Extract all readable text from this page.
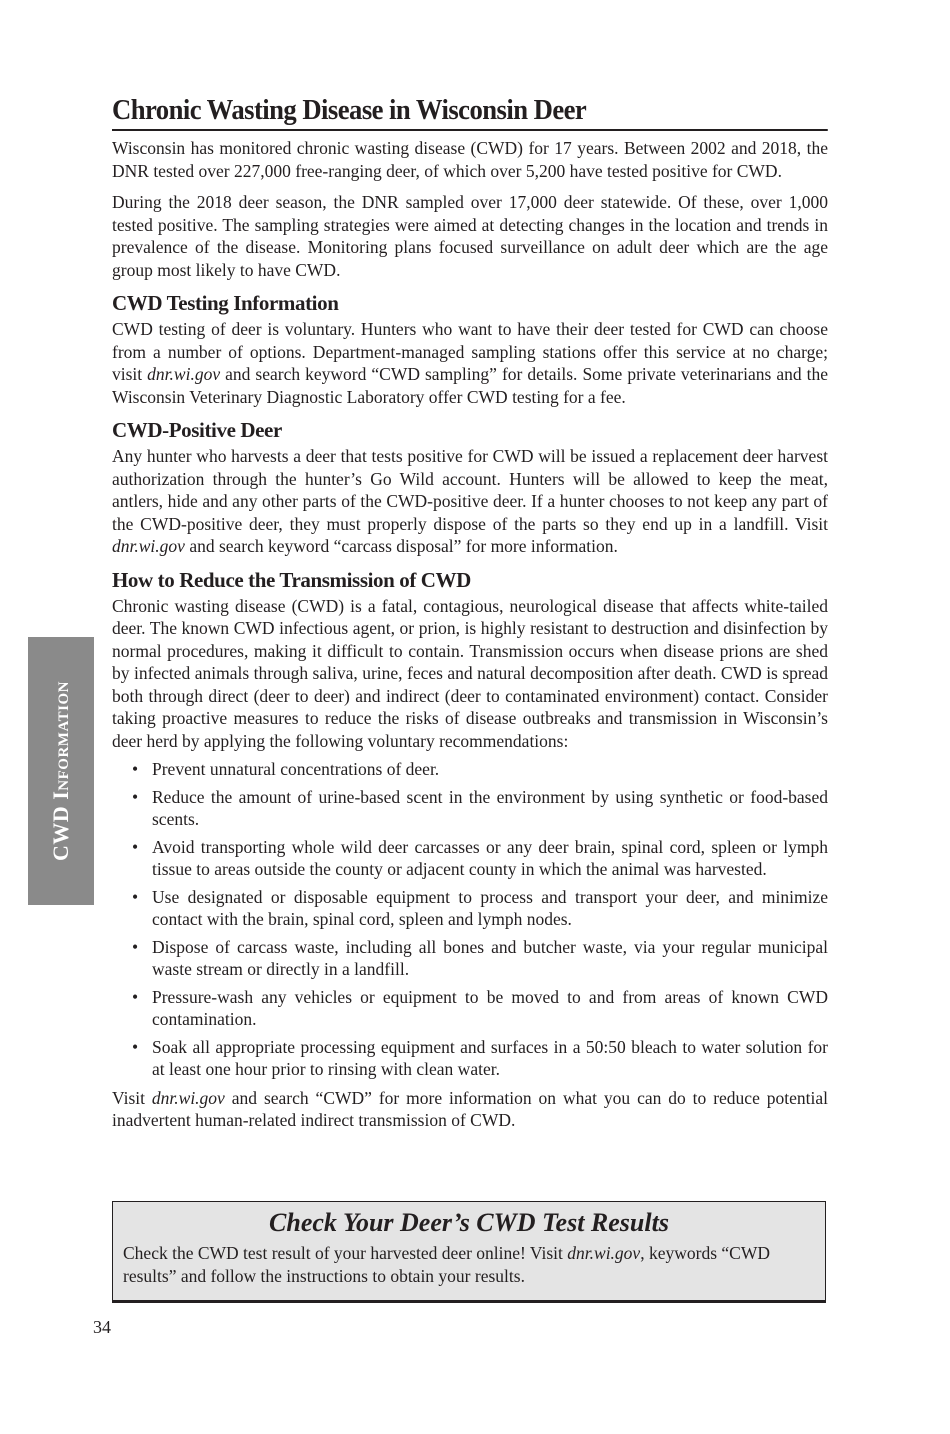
CWD Information
Chronic Wasting Disease in Wisconsin Deer

Wisconsin has monitored chronic wasting disease (CWD) for 17 years. Between 2002 and 2018, the DNR tested over 227,000 free-ranging deer, of which over 5,200 have tested positive for CWD.

During the 2018 deer season, the DNR sampled over 17,000 deer statewide. Of these, over 1,000 tested positive. The sampling strategies were aimed at detecting changes in the location and trends in prevalence of the disease. Monitoring plans focused surveillance on adult deer which are the age group most likely to have CWD.

CWD Testing Information

CWD testing of deer is voluntary. Hunters who want to have their deer tested for CWD can choose from a number of options. Department-managed sampling stations offer this service at no charge; visit dnr.wi.gov and search keyword “CWD sampling” for details. Some private veterinarians and the Wisconsin Veterinary Diagnostic Laboratory offer CWD testing for a fee.

CWD-Positive Deer

Any hunter who harvests a deer that tests positive for CWD will be issued a replacement deer harvest authorization through the hunter’s Go Wild account. Hunters will be allowed to keep the meat, antlers, hide and any other parts of the CWD-positive deer. If a hunter chooses to not keep any part of the CWD-positive deer, they must properly dispose of the parts so they end up in a landfill. Visit dnr.wi.gov and search keyword “carcass disposal” for more information.

How to Reduce the Transmission of CWD

Chronic wasting disease (CWD) is a fatal, contagious, neurological disease that affects white-tailed deer. The known CWD infectious agent, or prion, is highly resistant to destruction and disinfection by normal procedures, making it difficult to contain. Transmission occurs when disease prions are shed by infected animals through saliva, urine, feces and natural decomposition after death. CWD is spread both through direct (deer to deer) and indirect (deer to contaminated environment) contact. Consider taking proactive measures to reduce the risks of disease outbreaks and transmission in Wisconsin’s deer herd by applying the following voluntary recommendations:

• Prevent unnatural concentrations of deer.
• Reduce the amount of urine-based scent in the environment by using synthetic or food-based scents.
• Avoid transporting whole wild deer carcasses or any deer brain, spinal cord, spleen or lymph tissue to areas outside the county or adjacent county in which the animal was harvested.
• Use designated or disposable equipment to process and transport your deer, and minimize contact with the brain, spinal cord, spleen and lymph nodes.
• Dispose of carcass waste, including all bones and butcher waste, via your regular municipal waste stream or directly in a landfill.
• Pressure-wash any vehicles or equipment to be moved to and from areas of known CWD contamination.
• Soak all appropriate processing equipment and surfaces in a 50:50 bleach to water solution for at least one hour prior to rinsing with clean water.

Visit dnr.wi.gov and search “CWD” for more information on what you can do to reduce potential inadvertent human-related indirect transmission of CWD.

Check Your Deer’s CWD Test Results

Check the CWD test result of your harvested deer online! Visit dnr.wi.gov, keywords “CWD results” and follow the instructions to obtain your results.

34
